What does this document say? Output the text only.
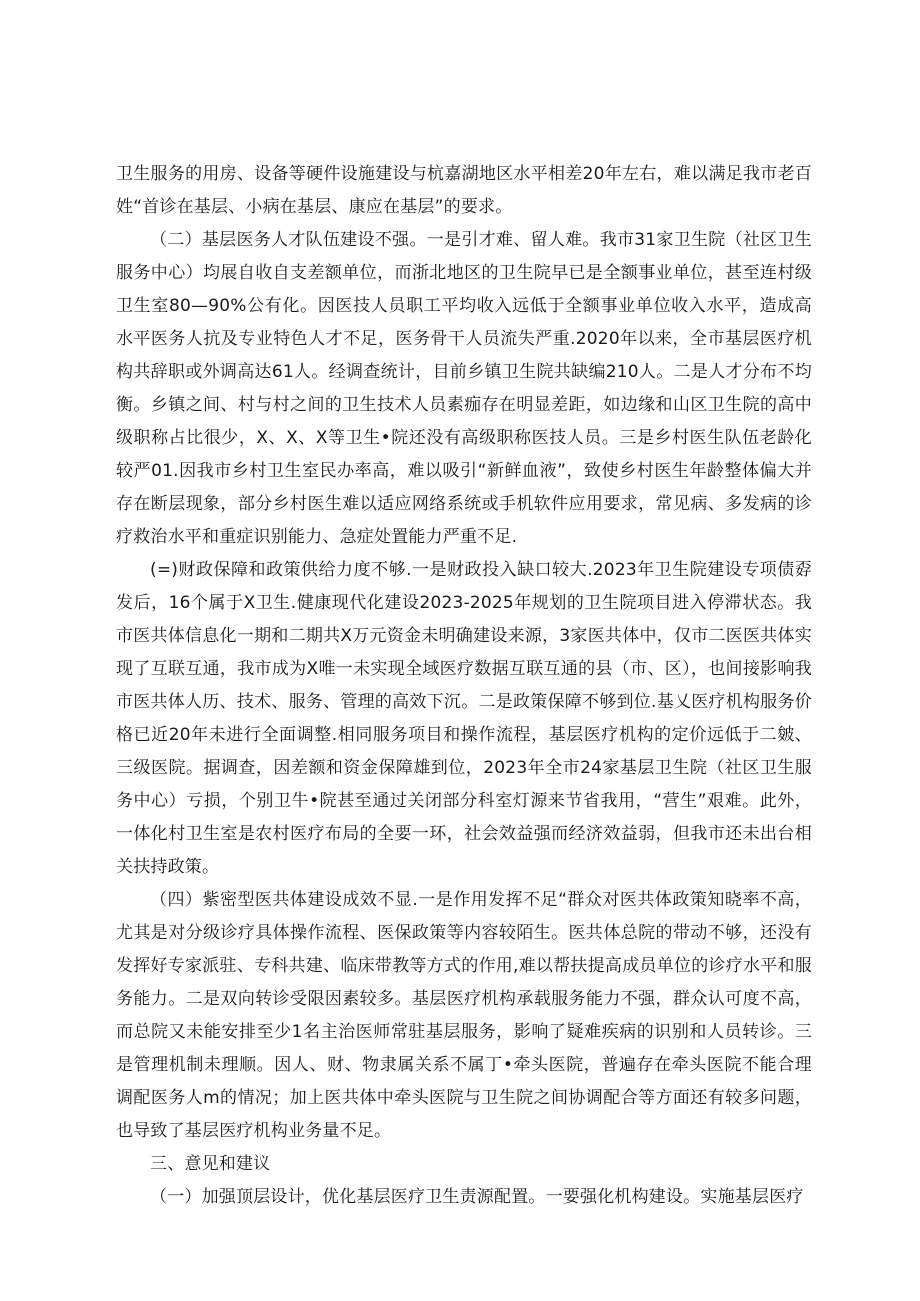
卫生服务的用房、设备等硬件设施建设与杭嘉湖地区水平相差20年左右，难以满足我市老百姓“首诊在基层、小病在基层、康应在基层”的要求。

（二）基层医务人才队伍建设不强。一是引才难、留人难。我市31家卫生院（社区卫生服务中心）均展自收自支差额单位，而浙北地区的卫生院早已是全额事业单位，甚至连村级卫生室80—90%公有化。因医技人员职工平均收入远低于全额事业单位收入水平，造成高水平医务人抗及专业特色人才不足，医务骨干人员流失严重.2020年以来，全市基层医疗机构共辞职或外调高达61人。经调查统计，目前乡镇卫生院共缺编210人。二是人才分布不均衡。乡镇之间、村与村之间的卫生技术人员素痂存在明显差距，如边缘和山区卫生院的高中级职称占比很少，X、X、X等卫生•院还没有高级职称医技人员。三是乡村医生队伍老龄化较严01.因我市乡村卫生室民办率高，难以吸引“新鲜血液”，致使乡村医生年龄整体偏大并存在断层现象，部分乡村医生难以适应网络系统或手机软件应用要求，常见病、多发病的诊疗救治水平和重症识别能力、急症处置能力严重不足.

(=)财政保障和政策供给力度不够.一是财政投入缺口较大.2023年卫生院建设专项债孬发后，16个属于X卫生.健康现代化建设2023-2025年规划的卫生院项目进入停滞状态。我市医共体信息化一期和二期共X万元资金未明确建设来源，3家医共体中，仅市二医医共体实现了互联互通，我市成为X唯一未实现全域医疗数据互联互通的县（市、区），也间接影响我市医共体人历、技术、服务、管理的高效下沉。二是政策保障不够到位.基乂医疗机构服务价格已近20年未进行全面调整.相同服务项目和操作流程，基层医疗机构的定价远低于二皴、三级医院。据调查，因差额和资金保障雄到位，2023年全市24家基层卫生院（社区卫生服务中心）亏损，个别卫牛•院甚至通过关闭部分科室灯源来节省我用，“营生”艰难。此外，一体化村卫生室是农村医疗布局的全要一环，社会效益强而经济效益弱，但我市还未出台相关扶持政策。

（四）紫密型医共体建设成效不显.一是作用发挥不足“群众对医共体政策知晓率不高，尤其是对分级诊疗具体操作流程、医保政策等内容较陌生。医共体总院的带动不够，还没有发挥好专家派驻、专科共建、临床带教等方式的作用,难以帮扶提高成员单位的诊疗水平和服务能力。二是双向转诊受限因素较多。基层医疗机构承载服务能力不强，群众认可度不高，而总院又未能安排至少1名主治医师常驻基层服务，影响了疑难疾病的识别和人员转诊。三是管理机制未理顺。因人、财、物隶属关系不属丁•牵头医院，普遍存在牵头医院不能合理调配医务人m的情况；加上医共体中牵头医院与卫生院之间协调配合等方面还有较多问题，也导致了基层医疗机构业务量不足。

三、意见和建议

（一）加强顶层设计，优化基层医疗卫生责源配置。一要强化机构建设。实施基层医疗
